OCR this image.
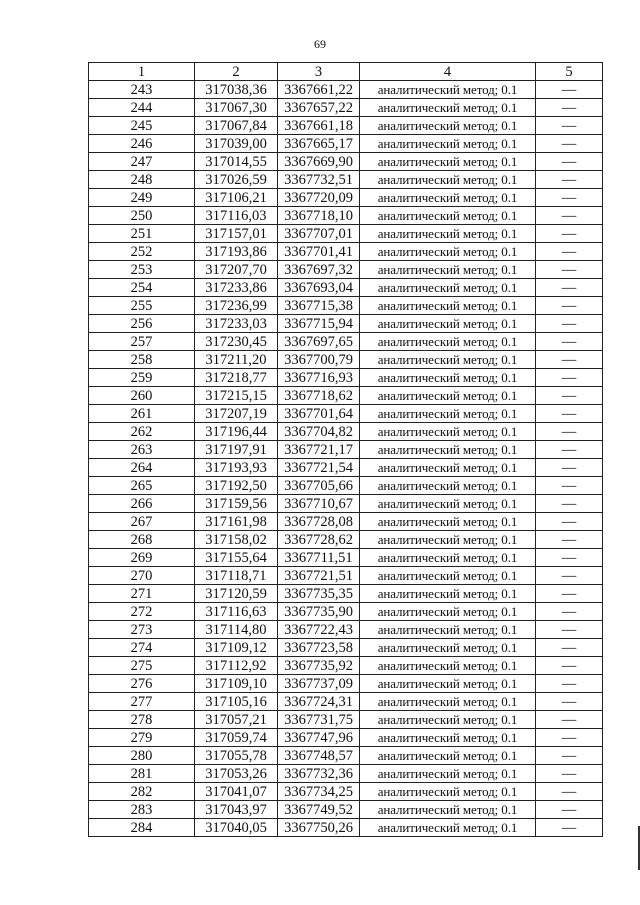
69
1	2	3	4	5
243	317038,36	3367661,22	аналитический метод; 0.1	—
244	317067,30	3367657,22	аналитический метод; 0.1	—
245	317067,84	3367661,18	аналитический метод; 0.1	—
246	317039,00	3367665,17	аналитический метод; 0.1	—
247	317014,55	3367669,90	аналитический метод; 0.1	—
248	317026,59	3367732,51	аналитический метод; 0.1	—
249	317106,21	3367720,09	аналитический метод; 0.1	—
250	317116,03	3367718,10	аналитический метод; 0.1	—
251	317157,01	3367707,01	аналитический метод; 0.1	—
252	317193,86	3367701,41	аналитический метод; 0.1	—
253	317207,70	3367697,32	аналитический метод; 0.1	—
254	317233,86	3367693,04	аналитический метод; 0.1	—
255	317236,99	3367715,38	аналитический метод; 0.1	—
256	317233,03	3367715,94	аналитический метод; 0.1	—
257	317230,45	3367697,65	аналитический метод; 0.1	—
258	317211,20	3367700,79	аналитический метод; 0.1	—
259	317218,77	3367716,93	аналитический метод; 0.1	—
260	317215,15	3367718,62	аналитический метод; 0.1	—
261	317207,19	3367701,64	аналитический метод; 0.1	—
262	317196,44	3367704,82	аналитический метод; 0.1	—
263	317197,91	3367721,17	аналитический метод; 0.1	—
264	317193,93	3367721,54	аналитический метод; 0.1	—
265	317192,50	3367705,66	аналитический метод; 0.1	—
266	317159,56	3367710,67	аналитический метод; 0.1	—
267	317161,98	3367728,08	аналитический метод; 0.1	—
268	317158,02	3367728,62	аналитический метод; 0.1	—
269	317155,64	3367711,51	аналитический метод; 0.1	—
270	317118,71	3367721,51	аналитический метод; 0.1	—
271	317120,59	3367735,35	аналитический метод; 0.1	—
272	317116,63	3367735,90	аналитический метод; 0.1	—
273	317114,80	3367722,43	аналитический метод; 0.1	—
274	317109,12	3367723,58	аналитический метод; 0.1	—
275	317112,92	3367735,92	аналитический метод; 0.1	—
276	317109,10	3367737,09	аналитический метод; 0.1	—
277	317105,16	3367724,31	аналитический метод; 0.1	—
278	317057,21	3367731,75	аналитический метод; 0.1	—
279	317059,74	3367747,96	аналитический метод; 0.1	—
280	317055,78	3367748,57	аналитический метод; 0.1	—
281	317053,26	3367732,36	аналитический метод; 0.1	—
282	317041,07	3367734,25	аналитический метод; 0.1	—
283	317043,97	3367749,52	аналитический метод; 0.1	—
284	317040,05	3367750,26	аналитический метод; 0.1	—
